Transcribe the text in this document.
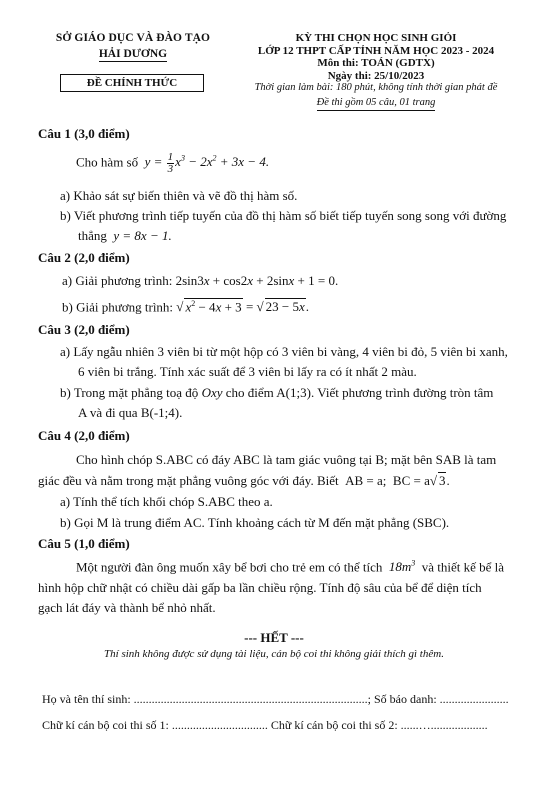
SỞ GIÁO DỤC VÀ ĐÀO TẠO
HẢI DƯƠNG
ĐỀ CHÍNH THỨC
KỲ THI CHỌN HỌC SINH GIỎI
LỚP 12 THPT CẤP TỈNH NĂM HỌC 2023 - 2024
Môn thi: TOÁN (GDTX)
Ngày thi: 25/10/2023
Thời gian làm bài: 180 phút, không tính thời gian phát đề
Đề thi gồm 05 câu, 01 trang
Câu 1 (3,0 điểm)
Cho hàm số  $y = \frac{1}{3} x^3 - 2x^2 + 3x - 4$.
a) Khảo sát sự biến thiên và vẽ đồ thị hàm số.
b) Viết phương trình tiếp tuyến của đồ thị hàm số biết tiếp tuyến song song với đường
thẳng  y = 8x − 1.
Câu 2 (2,0 điểm)
a) Giải phương trình: 2sin3x + cos2x + 2sinx + 1 = 0.
b) Giải phương trình: √ $x^2 - 4x + 3$ = √ 23 − 5x.
Câu 3 (2,0 điểm)
a) Lấy ngẫu nhiên 3 viên bi từ một hộp có 3 viên bi vàng, 4 viên bi đỏ, 5 viên bi xanh,
6 viên bi trắng. Tính xác suất để 3 viên bi lấy ra có ít nhất 2 màu.
b) Trong mặt phẳng toạ độ Oxy cho điểm A(1;3). Viết phương trình đường tròn tâm
A và đi qua B(-1;4).
Câu 4 (2,0 điểm)
Cho hình chóp S.ABC có đáy ABC là tam giác vuông tại B; mặt bên SAB là tam
giác đều và nằm trong mặt phẳng vuông góc với đáy. Biết  AB = a;  BC = a√ 3.
a) Tính thể tích khối chóp S.ABC theo a.
b) Gọi M là trung điểm AC. Tính khoảng cách từ M đến mặt phẳng (SBC).
Câu 5 (1,0 điểm)
Một người đàn ông muốn xây bể bơi cho trẻ em có thể tích  $18m^3$ và thiết kế bể là
hình hộp chữ nhật có chiều dài gấp ba lần chiều rộng. Tính độ sâu của bể để diện tích
gạch lát đáy và thành bể nhỏ nhất.
--- HẾT ---
Thí sinh không được sử dụng tài liệu, cán bộ coi thi không giải thích gì thêm.
Họ và tên thí sinh: ..............................................................................; Số báo danh: .......................
Chữ kí cán bộ coi thi số 1: ................................ Chữ kí cán bộ coi thi số 2: ......…...................
